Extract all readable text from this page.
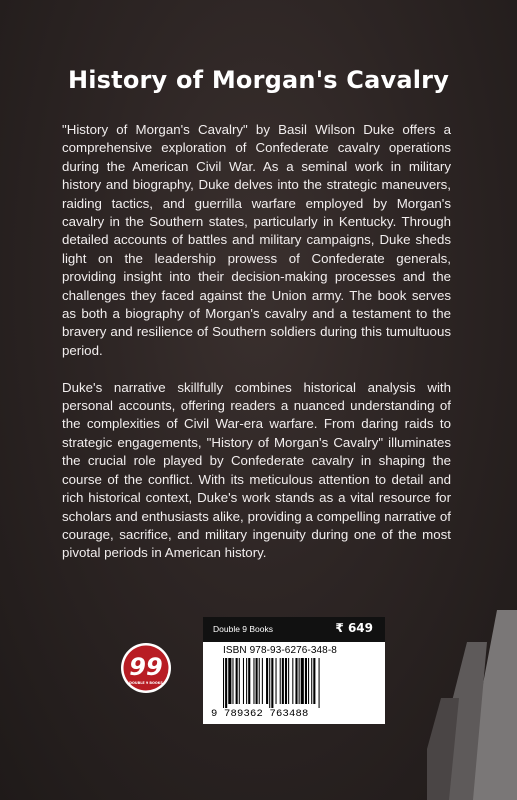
History of Morgan's Cavalry

"History of Morgan's Cavalry" by Basil Wilson Duke offers a comprehensive exploration of Confederate cavalry operations during the American Civil War. As a seminal work in military history and biography, Duke delves into the strategic maneuvers, raiding tactics, and guerrilla warfare employed by Morgan's cavalry in the Southern states, particularly in Kentucky. Through detailed accounts of battles and military campaigns, Duke sheds light on the leadership prowess of Confederate generals, providing insight into their decision-making processes and the challenges they faced against the Union army. The book serves as both a biography of Morgan's cavalry and a testament to the bravery and resilience of Southern soldiers during this tumultuous period.

Duke's narrative skillfully combines historical analysis with personal accounts, offering readers a nuanced understanding of the complexities of Civil War-era warfare. From daring raids to strategic engagements, "History of Morgan's Cavalry" illuminates the crucial role played by Confederate cavalry in shaping the course of the conflict. With its meticulous attention to detail and rich historical context, Duke's work stands as a vital resource for scholars and enthusiasts alike, providing a compelling narrative of courage, sacrifice, and military ingenuity during one of the most pivotal periods in American history.

99
DOUBLE 9 BOOKS
Double 9 Books	₹ 649
ISBN 978-93-6276-348-8
9 789362 763488
